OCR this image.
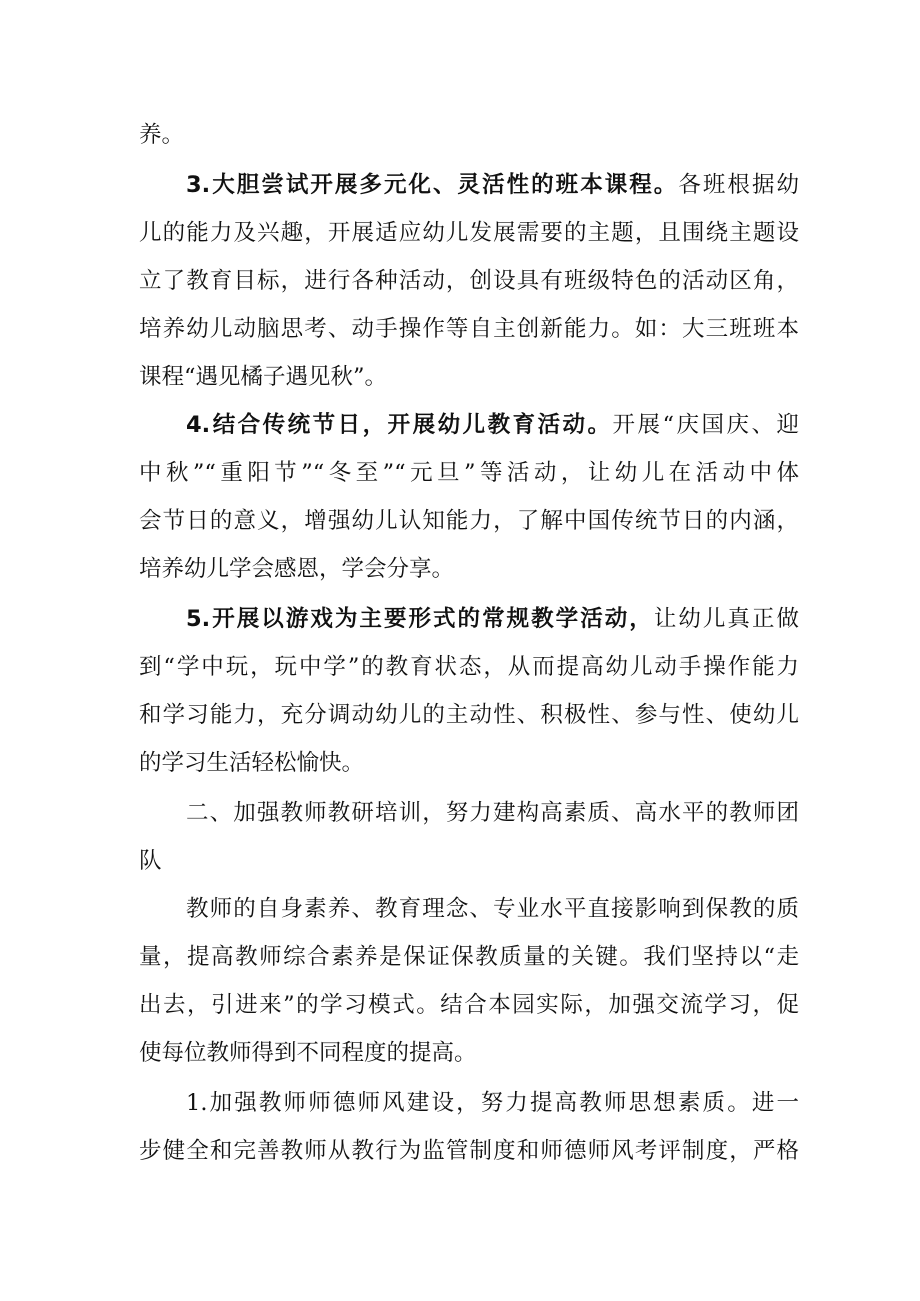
养。
3.大胆尝试开展多元化、灵活性的班本课程。各班根据幼
儿的能力及兴趣，开展适应幼儿发展需要的主题，且围绕主题设
立了教育目标，进行各种活动，创设具有班级特色的活动区角，
培养幼儿动脑思考、动手操作等自主创新能力。如：大三班班本
课程“遇见橘子遇见秋”。
4.结合传统节日，开展幼儿教育活动。开展“庆国庆、迎
中秋”“重阳节”“冬至”“元旦”等活动，让幼儿在活动中体
会节日的意义，增强幼儿认知能力，了解中国传统节日的内涵，
培养幼儿学会感恩，学会分享。
5.开展以游戏为主要形式的常规教学活动，让幼儿真正做
到“学中玩，玩中学”的教育状态，从而提高幼儿动手操作能力
和学习能力，充分调动幼儿的主动性、积极性、参与性、使幼儿
的学习生活轻松愉快。
二、加强教师教研培训，努力建构高素质、高水平的教师团
队
教师的自身素养、教育理念、专业水平直接影响到保教的质
量，提高教师综合素养是保证保教质量的关键。我们坚持以“走
出去，引进来”的学习模式。结合本园实际，加强交流学习，促
使每位教师得到不同程度的提高。
1.加强教师师德师风建设，努力提高教师思想素质。进一
步健全和完善教师从教行为监管制度和师德师风考评制度，严格
